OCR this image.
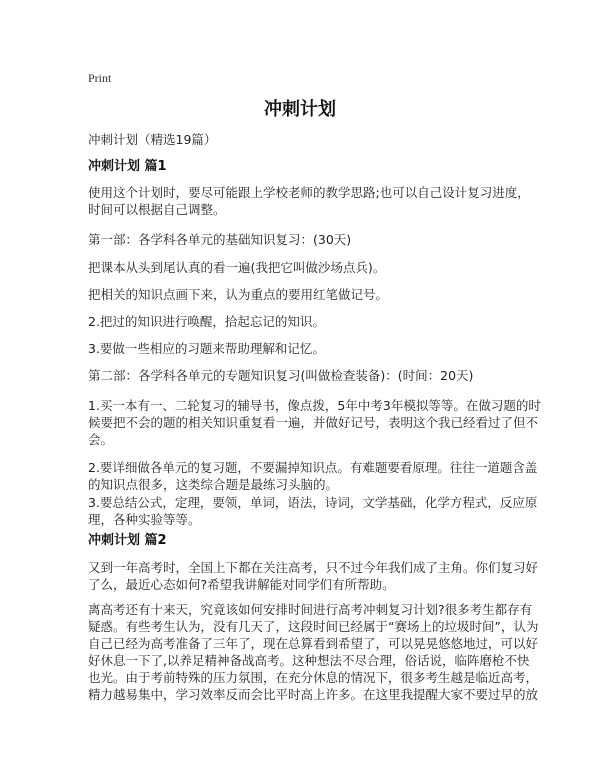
Print
冲刺计划
冲刺计划（精选19篇）
冲刺计划 篇1
使用这个计划时，要尽可能跟上学校老师的教学思路;也可以自己设计复习进度，
时间可以根据自己调整。
第一部：各学科各单元的基础知识复习：(30天)
把课本从头到尾认真的看一遍(我把它叫做沙场点兵)。
把相关的知识点画下来，认为重点的要用红笔做记号。
2.把过的知识进行唤醒，拾起忘记的知识。
3.要做一些相应的习题来帮助理解和记忆。
第二部：各学科各单元的专题知识复习(叫做检查装备)：(时间：20天)
1.买一本有一、二轮复习的辅导书，像点拨，5年中考3年模拟等等。在做习题的时
候要把不会的题的相关知识重复看一遍，并做好记号，表明这个我已经看过了但不
会。
2.要详细做各单元的复习题，不要漏掉知识点。有难题要看原理。往往一道题含盖
的知识点很多，这类综合题是最练习头脑的。
3.要总结公式，定理，要领，单词，语法，诗词，文学基础，化学方程式，反应原
理，各种实验等等。
冲刺计划 篇2
又到一年高考时，全国上下都在关注高考，只不过今年我们成了主角。你们复习好
了么，最近心态如何?希望我讲解能对同学们有所帮助。
离高考还有十来天，究竟该如何安排时间进行高考冲刺复习计划?很多考生都存有
疑惑。有些考生认为，没有几天了，这段时间已经属于“赛场上的垃圾时间”，认为
自己已经为高考准备了三年了，现在总算看到希望了，可以晃晃悠悠地过，可以好
好休息一下了,以养足精神备战高考。这种想法不尽合理，俗话说，临阵磨枪不快
也光。由于考前特殊的压力氛围，在充分休息的情况下，很多考生越是临近高考，
精力越易集中，学习效率反而会比平时高上许多。在这里我提醒大家不要过早的放
